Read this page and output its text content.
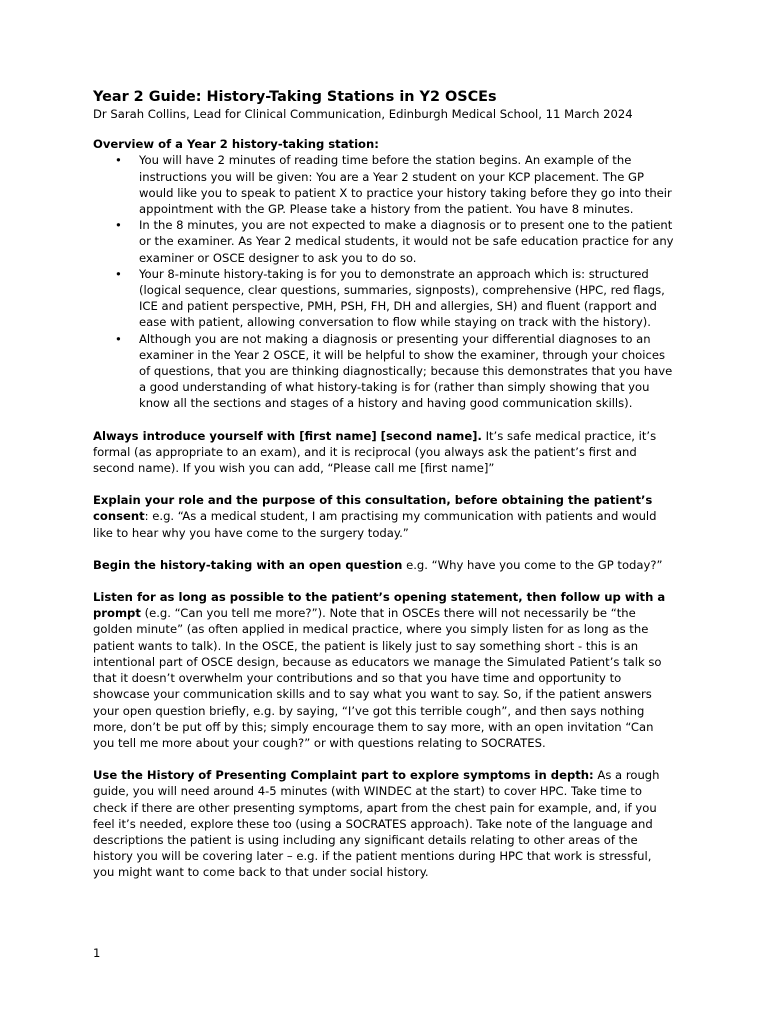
Year 2 Guide: History-Taking Stations in Y2 OSCEs

Dr Sarah Collins, Lead for Clinical Communication, Edinburgh Medical School, 11 March 2024

Overview of a Year 2 history-taking station:

• You will have 2 minutes of reading time before the station begins. An example of the instructions you will be given: You are a Year 2 student on your KCP placement. The GP would like you to speak to patient X to practice your history taking before they go into their appointment with the GP. Please take a history from the patient. You have 8 minutes.
• In the 8 minutes, you are not expected to make a diagnosis or to present one to the patient or the examiner. As Year 2 medical students, it would not be safe education practice for any examiner or OSCE designer to ask you to do so.
• Your 8-minute history-taking is for you to demonstrate an approach which is: structured (logical sequence, clear questions, summaries, signposts), comprehensive (HPC, red flags, ICE and patient perspective, PMH, PSH, FH, DH and allergies, SH) and fluent (rapport and ease with patient, allowing conversation to flow while staying on track with the history).
• Although you are not making a diagnosis or presenting your differential diagnoses to an examiner in the Year 2 OSCE, it will be helpful to show the examiner, through your choices of questions, that you are thinking diagnostically; because this demonstrates that you have a good understanding of what history-taking is for (rather than simply showing that you know all the sections and stages of a history and having good communication skills).

Always introduce yourself with [first name] [second name]. It’s safe medical practice, it’s formal (as appropriate to an exam), and it is reciprocal (you always ask the patient’s first and second name). If you wish you can add, “Please call me [first name]”

Explain your role and the purpose of this consultation, before obtaining the patient’s consent: e.g. “As a medical student, I am practising my communication with patients and would like to hear why you have come to the surgery today.”

Begin the history-taking with an open question e.g. “Why have you come to the GP today?”

Listen for as long as possible to the patient’s opening statement, then follow up with a prompt (e.g. “Can you tell me more?”). Note that in OSCEs there will not necessarily be “the golden minute” (as often applied in medical practice, where you simply listen for as long as the patient wants to talk). In the OSCE, the patient is likely just to say something short - this is an intentional part of OSCE design, because as educators we manage the Simulated Patient’s talk so that it doesn’t overwhelm your contributions and so that you have time and opportunity to showcase your communication skills and to say what you want to say. So, if the patient answers your open question briefly, e.g. by saying, “I’ve got this terrible cough”, and then says nothing more, don’t be put off by this; simply encourage them to say more, with an open invitation “Can you tell me more about your cough?” or with questions relating to SOCRATES.

Use the History of Presenting Complaint part to explore symptoms in depth: As a rough guide, you will need around 4-5 minutes (with WINDEC at the start) to cover HPC. Take time to check if there are other presenting symptoms, apart from the chest pain for example, and, if you feel it’s needed, explore these too (using a SOCRATES approach). Take note of the language and descriptions the patient is using including any significant details relating to other areas of the history you will be covering later – e.g. if the patient mentions during HPC that work is stressful, you might want to come back to that under social history.

1
